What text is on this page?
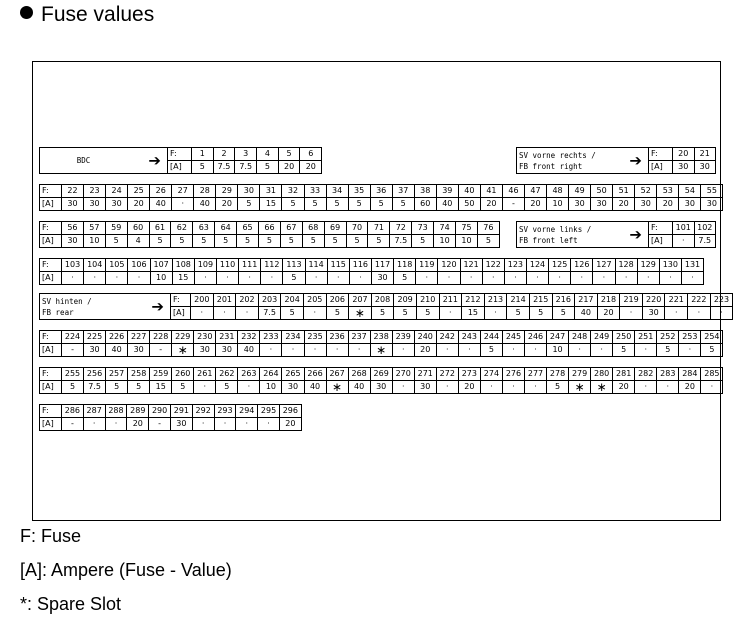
Fuse values
BDC ➔	F:	1	2	3	4	5	6
	[A]	5	7.5	7.5	5	20	20
SV vorne rechts /
FB front right ➔	F:	20	21
	[A]	30	30
F:	22	23	24	25	26	27	28	29	30	31	32	33	34	35	36	37	38	39	40	41	46	47	48	49	50	51	52	53	54	55
[A]	30	30	30	20	40	·	40	20	5	15	5	5	5	5	5	5	60	40	50	20	-	20	10	30	30	20	30	20	30	30
F:	56	57	59	60	61	62	63	64	65	66	67	68	69	70	71	72	73	74	75	76
[A]	30	10	5	4	5	5	5	5	5	5	5	5	5	5	5	7.5	5	10	10	5
SV vorne links /
FB front left ➔	F:	101	102
	[A]	·	7.5
F:	103	104	105	106	107	108	109	110	111	112	113	114	115	116	117	118	119	120	121	122	123	124	125	126	127	128	129	130	131
[A]	·	·	·	·	10	15	·	·	·	·	5	·	·	·	30	5	·	·	·	·	·	·	·	·	·	·	·	·	·
SV hinten /
FB rear ➔	F:	200	201	202	203	204	205	206	207	208	209	210	211	212	213	214	215	216	217	218	219	220	221	222	223
	[A]	·	·	·	7.5	5	·	5	∗	5	5	5	·	15	·	5	5	5	40	20	·	30	·	·	·
F:	224	225	226	227	228	229	230	231	232	233	234	235	236	237	238	239	240	242	243	244	245	246	247	248	249	250	251	252	253	254
[A]	-	30	40	30	-	∗	30	30	40	·	·	·	·	·	∗	·	20	·	·	5	·	·	10	·	·	5	·	5	·	5
F:	255	256	257	258	259	260	261	262	263	264	265	266	267	268	269	270	271	272	273	274	276	277	278	279	280	281	282	283	284	285
[A]	5	7.5	5	5	15	5	·	5	·	10	30	40	∗	40	30	·	30	·	20	·	·	·	5	∗	∗	20	·	·	20	·
F:	286	287	288	289	290	291	292	293	294	295	296
[A]	-	·	·	20	-	30	·	·	·	·	20
F: Fuse
[A]: Ampere (Fuse - Value)
*: Spare Slot
